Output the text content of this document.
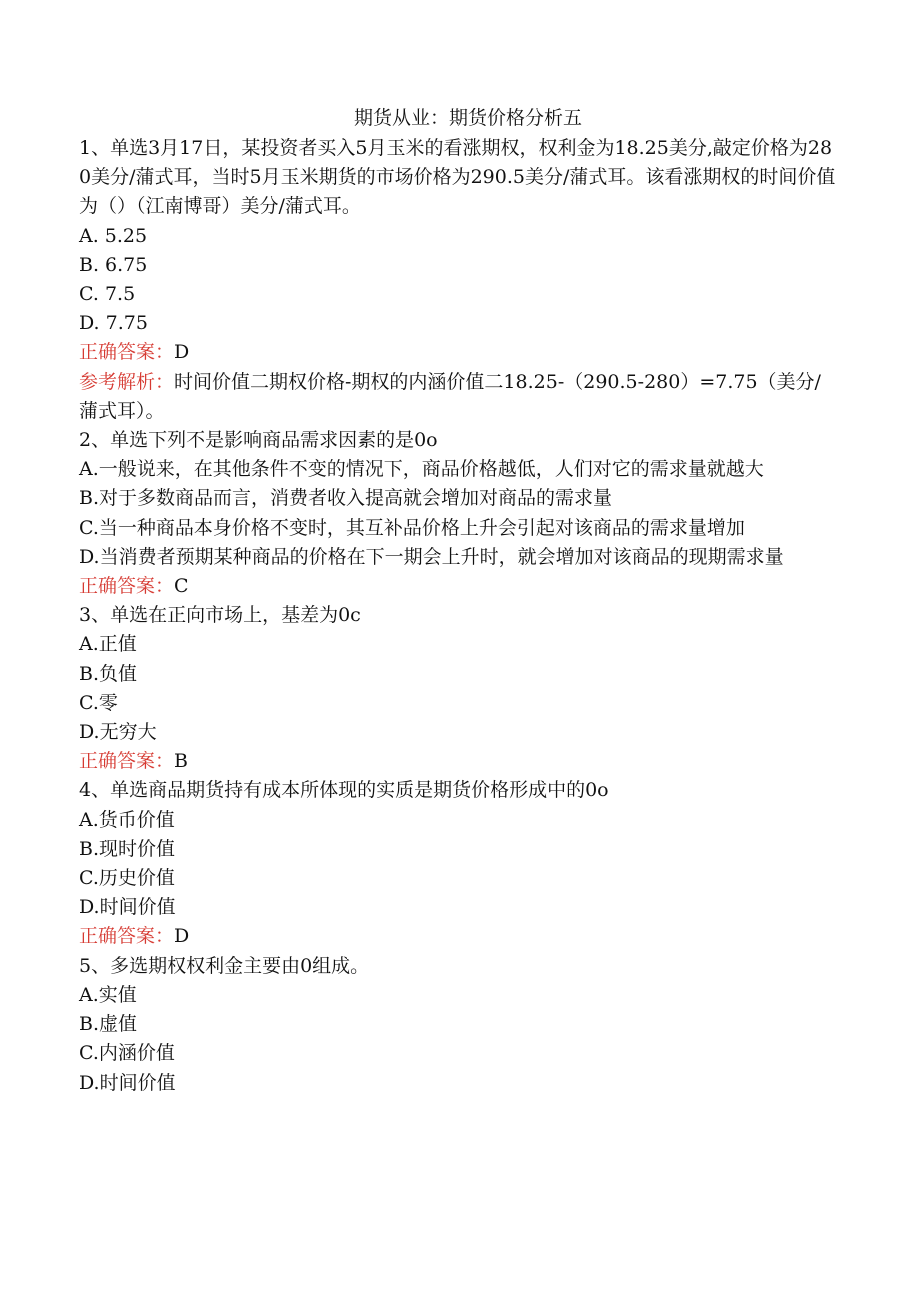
期货从业：期货价格分析五

1、单选3月17日，某投资者买入5月玉米的看涨期权，权利金为18.25美分,敲定价格为280美分/蒲式耳，当时5月玉米期货的市场价格为290.5美分/蒲式耳。该看涨期权的时间价值为（）（江南博哥）美分/蒲式耳。

A. 5.25

B. 6.75

C. 7.5

D. 7.75

正确答案：D

参考解析：时间价值二期权价格-期权的内涵价值二18.25-（290.5-280）=7.75（美分/蒲式耳）。

2、单选下列不是影响商品需求因素的是0o

A.一般说来，在其他条件不变的情况下，商品价格越低，人们对它的需求量就越大

B.对于多数商品而言，消费者收入提高就会增加对商品的需求量

C.当一种商品本身价格不变时，其互补品价格上升会引起对该商品的需求量增加

D.当消费者预期某种商品的价格在下一期会上升时，就会增加对该商品的现期需求量

正确答案：C

3、单选在正向市场上，基差为0c

A.正值

B.负值

C.零

D.无穷大

正确答案：B

4、单选商品期货持有成本所体现的实质是期货价格形成中的0o

A.货币价值

B.现时价值

C.历史价值

D.时间价值

正确答案：D

5、多选期权权利金主要由0组成。

A.实值

B.虚值

C.内涵价值

D.时间价值
